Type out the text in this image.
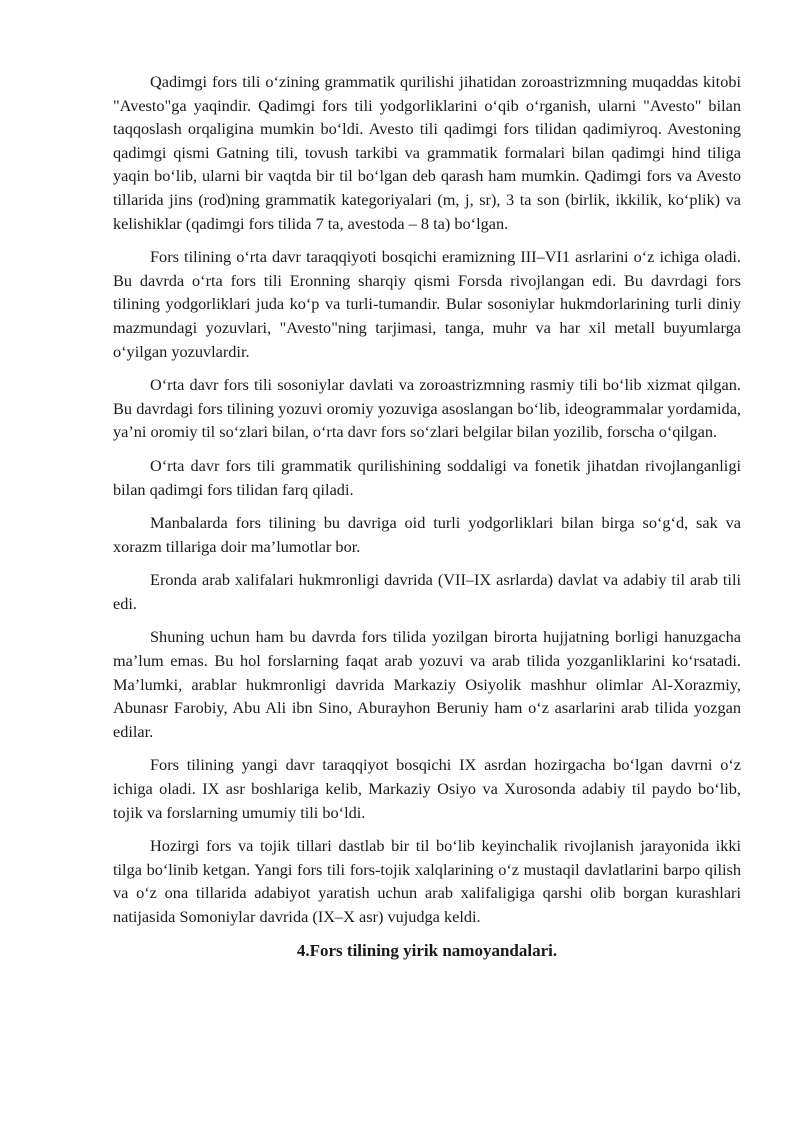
Qadimgi fors tili o‘zining grammatik qurilishi jihatidan zoroastrizmning muqaddas kitobi "Avesto"ga yaqindir. Qadimgi fors tili yodgorliklarini o‘qib o‘rganish, ularni "Avesto" bilan taqqoslash orqaligina mumkin bo‘ldi. Avesto tili qadimgi fors tilidan qadimiyroq. Avestoning qadimgi qismi Gatning tili, tovush tarkibi va grammatik formalari bilan qadimgi hind tiliga yaqin bo‘lib, ularni bir vaqtda bir til bo‘lgan deb qarash ham mumkin. Qadimgi fors va Avesto tillarida jins (rod)ning grammatik kategoriyalari (m, j, sr), 3 ta son (birlik, ikkilik, ko‘plik) va kelishiklar (qadimgi fors tilida 7 ta, avestoda – 8 ta) bo‘lgan.

Fors tilining o‘rta davr taraqqiyoti bosqichi eramizning III–VI1 asrlarini o‘z ichiga oladi. Bu davrda o‘rta fors tili Eronning sharqiy qismi Forsda rivojlangan edi. Bu davrdagi fors tilining yodgorliklari juda ko‘p va turli-tumandir. Bular sosoniylar hukmdorlarining turli diniy mazmundagi yozuvlari, "Avesto"ning tarjimasi, tanga, muhr va har xil metall buyumlarga o‘yilgan yozuvlardir.

O‘rta davr fors tili sosoniylar davlati va zoroastrizmning rasmiy tili bo‘lib xizmat qilgan. Bu davrdagi fors tilining yozuvi oromiy yozuviga asoslangan bo‘lib, ideogrammalar yordamida, ya’ni oromiy til so‘zlari bilan, o‘rta davr fors so‘zlari belgilar bilan yozilib, forscha o‘qilgan.

O‘rta davr fors tili grammatik qurilishining soddaligi va fonetik jihatdan rivojlanganligi bilan qadimgi fors tilidan farq qiladi.

Manbalarda fors tilining bu davriga oid turli yodgorliklari bilan birga so‘g‘d, sak va xorazm tillariga doir ma’lumotlar bor.

Eronda arab xalifalari hukmronligi davrida (VII–IX asrlarda) davlat va adabiy til arab tili edi.

Shuning uchun ham bu davrda fors tilida yozilgan birorta hujjatning borligi hanuzgacha ma’lum emas. Bu hol forslarning faqat arab yozuvi va arab tilida yozganliklarini ko‘rsatadi. Ma’lumki, arablar hukmronligi davrida Markaziy Osiyolik mashhur olimlar Al-Xorazmiy, Abunasr Farobiy, Abu Ali ibn Sino, Aburayhon Beruniy ham o‘z asarlarini arab tilida yozgan edilar.

Fors tilining yangi davr taraqqiyot bosqichi IX asrdan hozirgacha bo‘lgan davrni o‘z ichiga oladi. IX asr boshlariga kelib, Markaziy Osiyo va Xurosonda adabiy til paydo bo‘lib, tojik va forslarning umumiy tili bo‘ldi.

Hozirgi fors va tojik tillari dastlab bir til bo‘lib keyinchalik rivojlanish jarayonida ikki tilga bo‘linib ketgan. Yangi fors tili fors-tojik xalqlarining o‘z mustaqil davlatlarini barpo qilish va o‘z ona tillarida adabiyot yaratish uchun arab xalifaligiga qarshi olib borgan kurashlari natijasida Somoniylar davrida (IX–X asr) vujudga keldi.

4.Fors tilining yirik namoyandalari.
